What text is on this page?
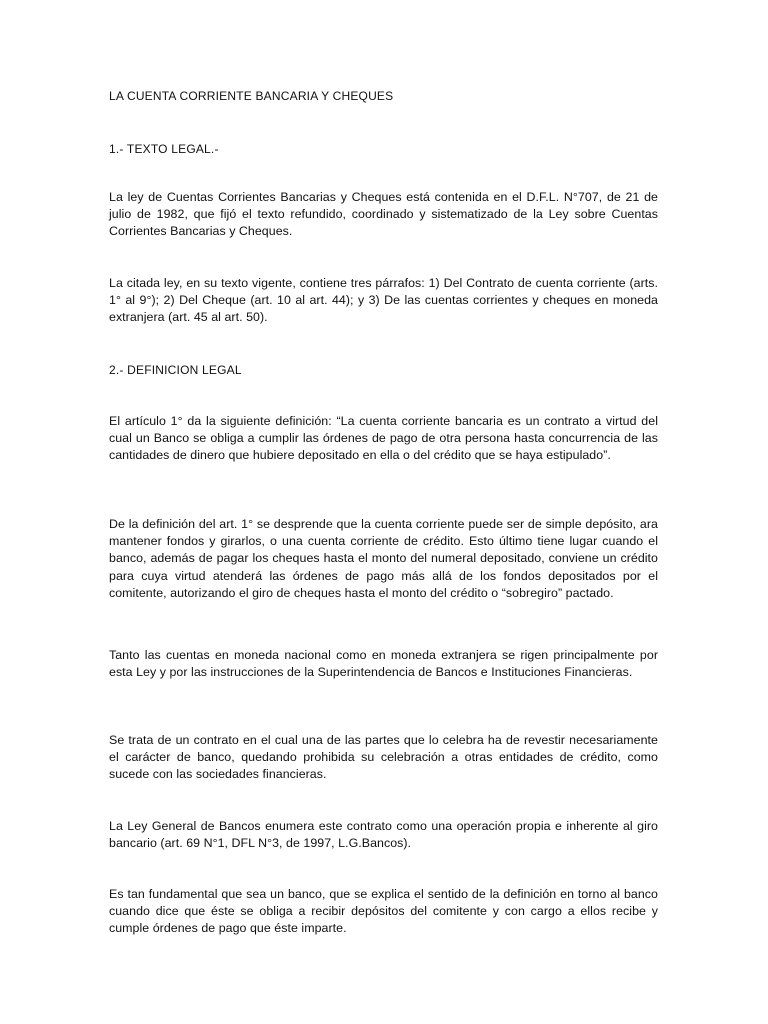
LA CUENTA CORRIENTE BANCARIA Y CHEQUES

1.- TEXTO LEGAL.-

La ley de Cuentas Corrientes Bancarias y Cheques está contenida en el D.F.L. N°707, de 21 de julio de 1982, que fijó el texto refundido, coordinado y sistematizado de la Ley sobre Cuentas Corrientes Bancarias y Cheques.

La citada ley, en su texto vigente, contiene tres párrafos: 1) Del Contrato de cuenta corriente (arts. 1° al 9°); 2) Del Cheque (art. 10 al art. 44); y 3) De las cuentas corrientes y cheques en moneda extranjera (art. 45 al art. 50).

2.- DEFINICION LEGAL

El artículo 1° da la siguiente definición: “La cuenta corriente bancaria es un contrato a virtud del cual un Banco se obliga a cumplir las órdenes de pago de otra persona hasta concurrencia de las cantidades de dinero que hubiere depositado en ella o del crédito que se haya estipulado”.

De la definición del art. 1° se desprende que la cuenta corriente puede ser de simple depósito, ara mantener fondos y girarlos, o una cuenta corriente de crédito. Esto último tiene lugar cuando el banco, además de pagar los cheques hasta el monto del numeral depositado, conviene un crédito para cuya virtud atenderá las órdenes de pago más allá de los fondos depositados por el comitente, autorizando el giro de cheques hasta el monto del crédito o “sobregiro” pactado.

Tanto las cuentas en moneda nacional como en moneda extranjera se rigen principalmente por esta Ley y por las instrucciones de la Superintendencia de Bancos e Instituciones Financieras.

Se trata de un contrato en el cual una de las partes que lo celebra ha de revestir necesariamente el carácter de banco, quedando prohibida su celebración a otras entidades de crédito, como sucede con las sociedades financieras.

La Ley General de Bancos enumera este contrato como una operación propia e inherente al giro bancario (art. 69 N°1, DFL N°3, de 1997, L.G.Bancos).

Es tan fundamental que sea un banco, que se explica el sentido de la definición en torno al banco cuando dice que éste se obliga a recibir depósitos del comitente y con cargo a ellos recibe y cumple órdenes de pago que éste imparte.
